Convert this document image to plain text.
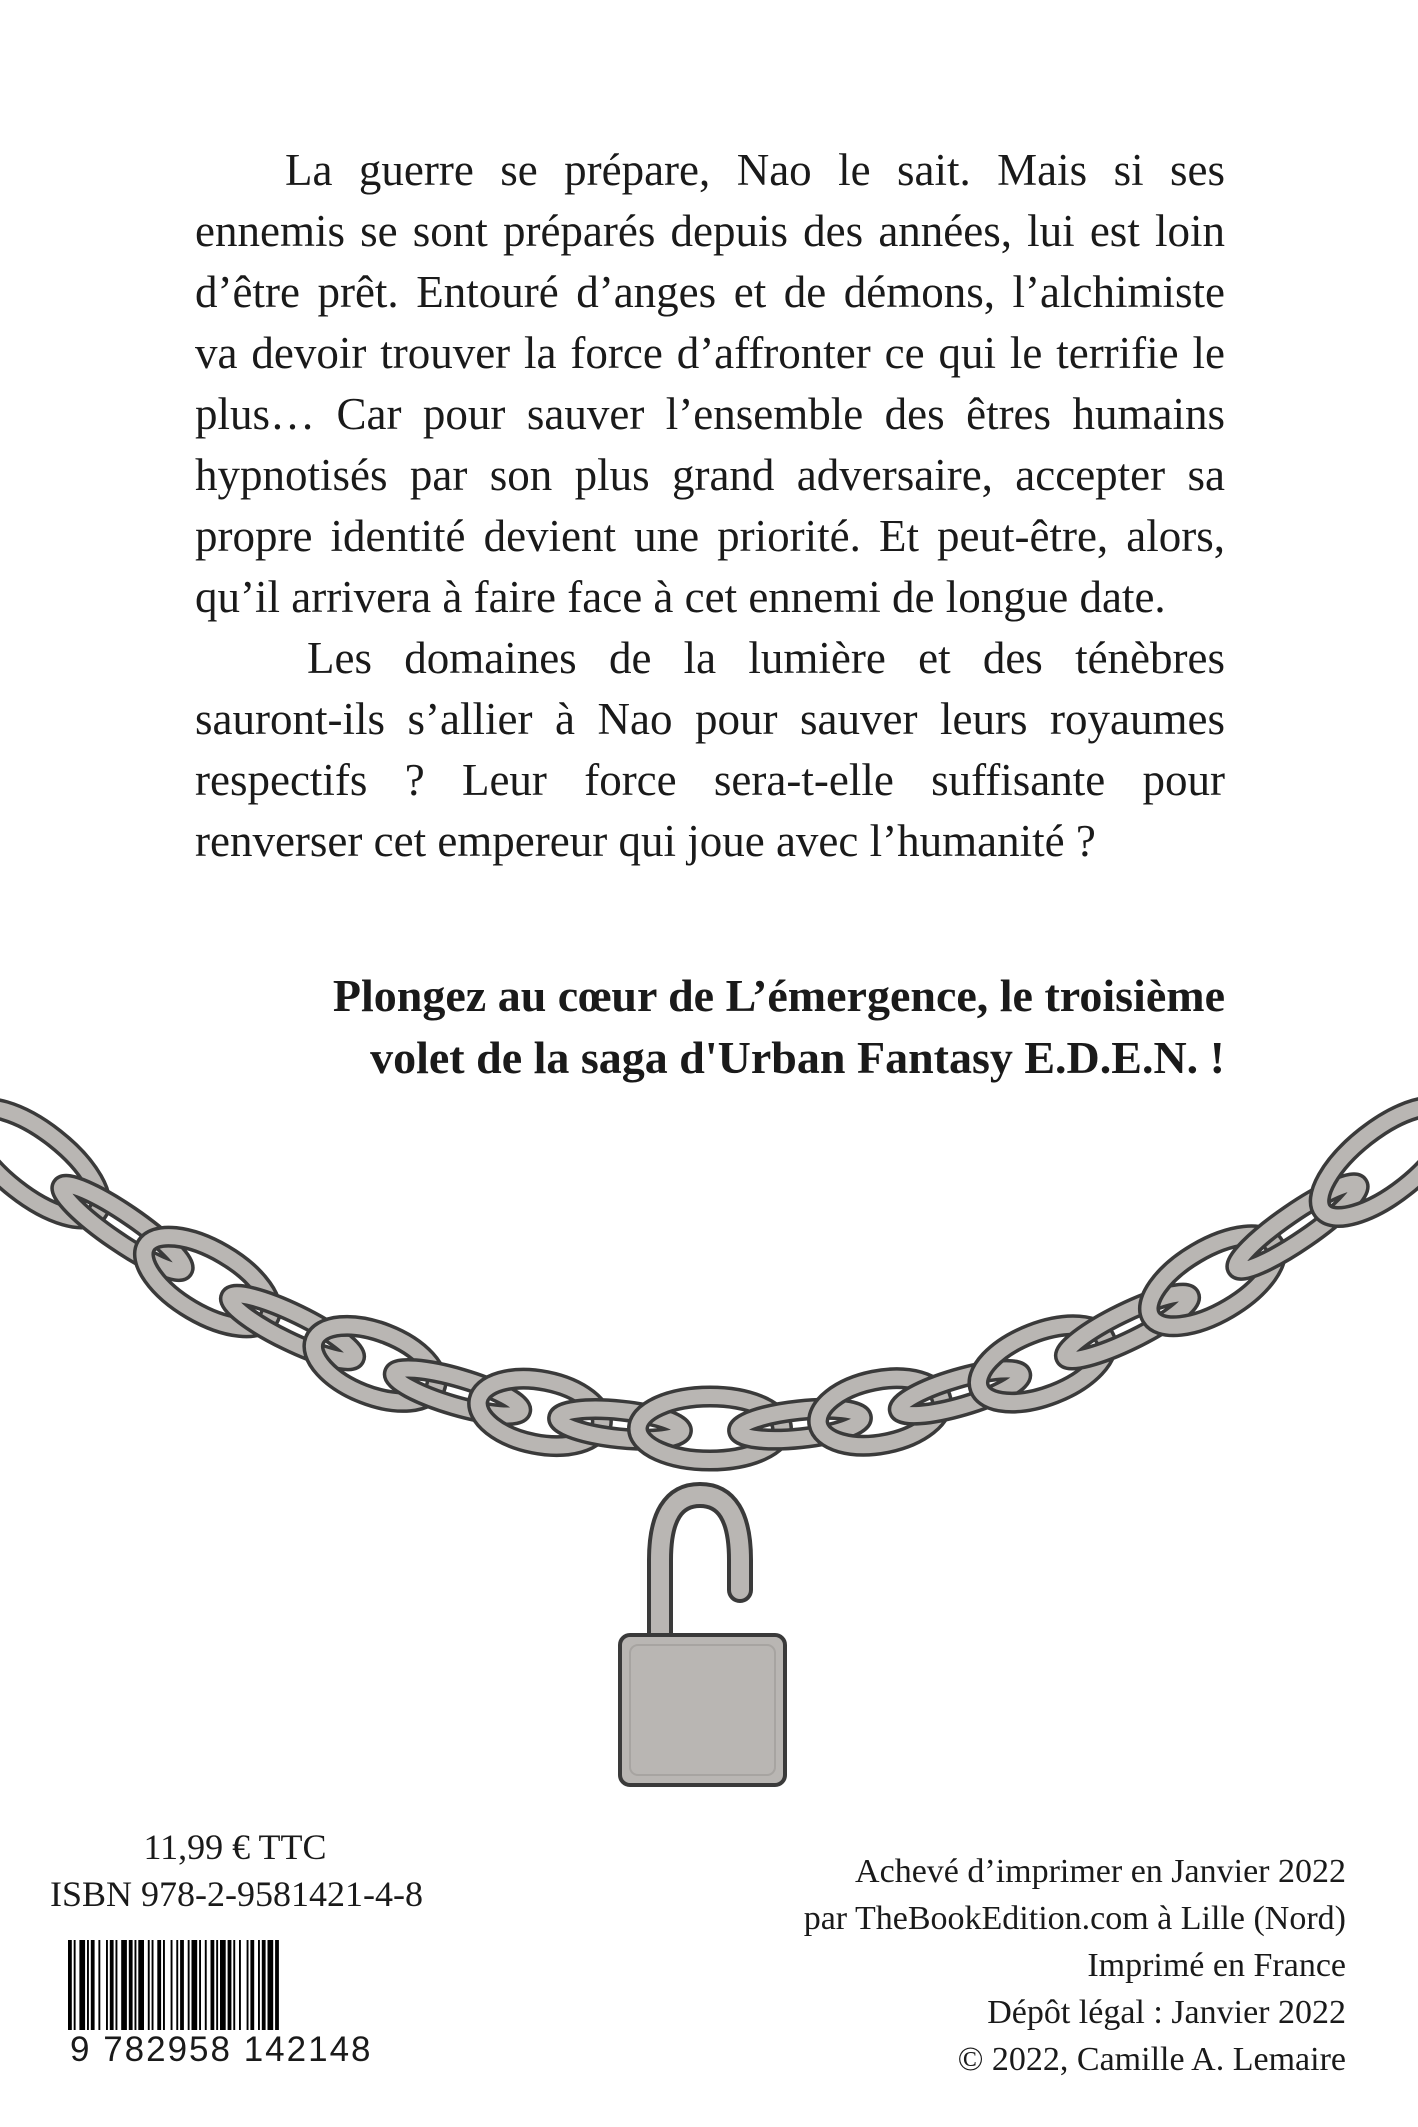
La guerre se prépare, Nao le sait. Mais si ses ennemis se sont préparés depuis des années, lui est loin d’être prêt. Entouré d’anges et de démons, l’alchimiste va devoir trouver la force d’affronter ce qui le terrifie le plus… Car pour sauver l’ensemble des êtres humains hypnotisés par son plus grand adversaire, accepter sa propre identité devient une priorité. Et peut-être, alors, qu’il arrivera à faire face à cet ennemi de longue date.

Les domaines de la lumière et des ténèbres sauront-ils s’allier à Nao pour sauver leurs royaumes respectifs ? Leur force sera-t-elle suffisante pour renverser cet empereur qui joue avec l’humanité ?

Plongez au cœur de L’émergence, le troisième
volet de la saga d'Urban Fantasy E.D.E.N. !
11,99 € TTC
ISBN 978-2-9581421-4-8
9 782958 142148
Achevé d’imprimer en Janvier 2022
par TheBookEdition.com à Lille (Nord)
Imprimé en France
Dépôt légal : Janvier 2022
© 2022, Camille A. Lemaire
